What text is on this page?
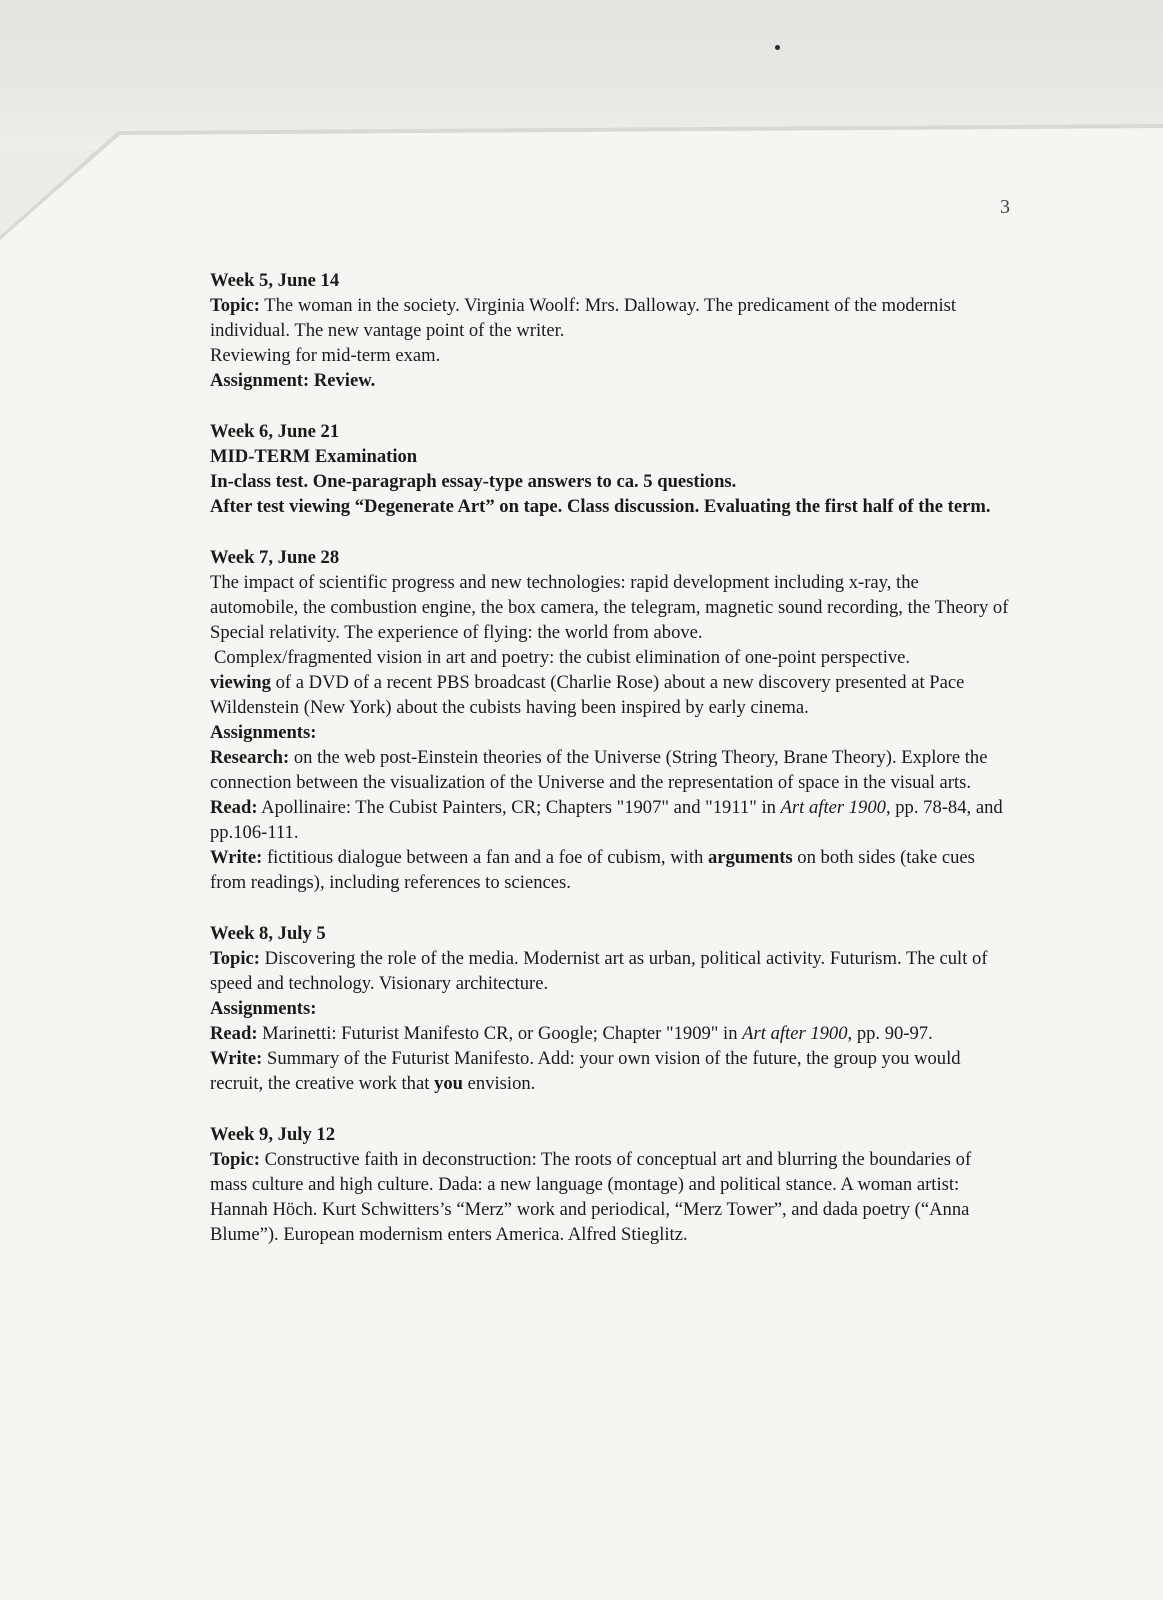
3

Week 5, June 14

Topic: The woman in the society. Virginia Woolf: Mrs. Dalloway. The predicament of the modernist individual. The new vantage point of the writer.

Reviewing for mid-term exam.

Assignment: Review.

Week 6, June 21

MID-TERM Examination

In-class test. One-paragraph essay-type answers to ca. 5 questions.

After test viewing “Degenerate Art” on tape. Class discussion. Evaluating the first half of the term.

Week 7, June 28

The impact of scientific progress and new technologies: rapid development including x-ray, the automobile, the combustion engine, the box camera, the telegram, magnetic sound recording, the Theory of Special relativity. The experience of flying: the world from above.

Complex/fragmented vision in art and poetry: the cubist elimination of one-point perspective.

viewing of a DVD of a recent PBS broadcast (Charlie Rose) about a new discovery presented at Pace Wildenstein (New York) about the cubists having been inspired by early cinema.

Assignments:

Research: on the web post-Einstein theories of the Universe (String Theory, Brane Theory). Explore the connection between the visualization of the Universe and the representation of space in the visual arts.

Read: Apollinaire: The Cubist Painters, CR; Chapters "1907" and "1911" in Art after 1900, pp. 78-84, and pp.106-111.

Write: fictitious dialogue between a fan and a foe of cubism, with arguments on both sides (take cues from readings), including references to sciences.

Week 8, July 5

Topic: Discovering the role of the media. Modernist art as urban, political activity. Futurism. The cult of speed and technology. Visionary architecture.

Assignments:

Read: Marinetti: Futurist Manifesto CR, or Google; Chapter "1909" in Art after 1900, pp. 90-97.

Write: Summary of the Futurist Manifesto. Add: your own vision of the future, the group you would recruit, the creative work that you envision.

Week 9, July 12

Topic: Constructive faith in deconstruction: The roots of conceptual art and blurring the boundaries of mass culture and high culture. Dada: a new language (montage) and political stance. A woman artist: Hannah Höch. Kurt Schwitters’s “Merz” work and periodical, “Merz Tower”, and dada poetry (“Anna Blume”). European modernism enters America. Alfred Stieglitz.
